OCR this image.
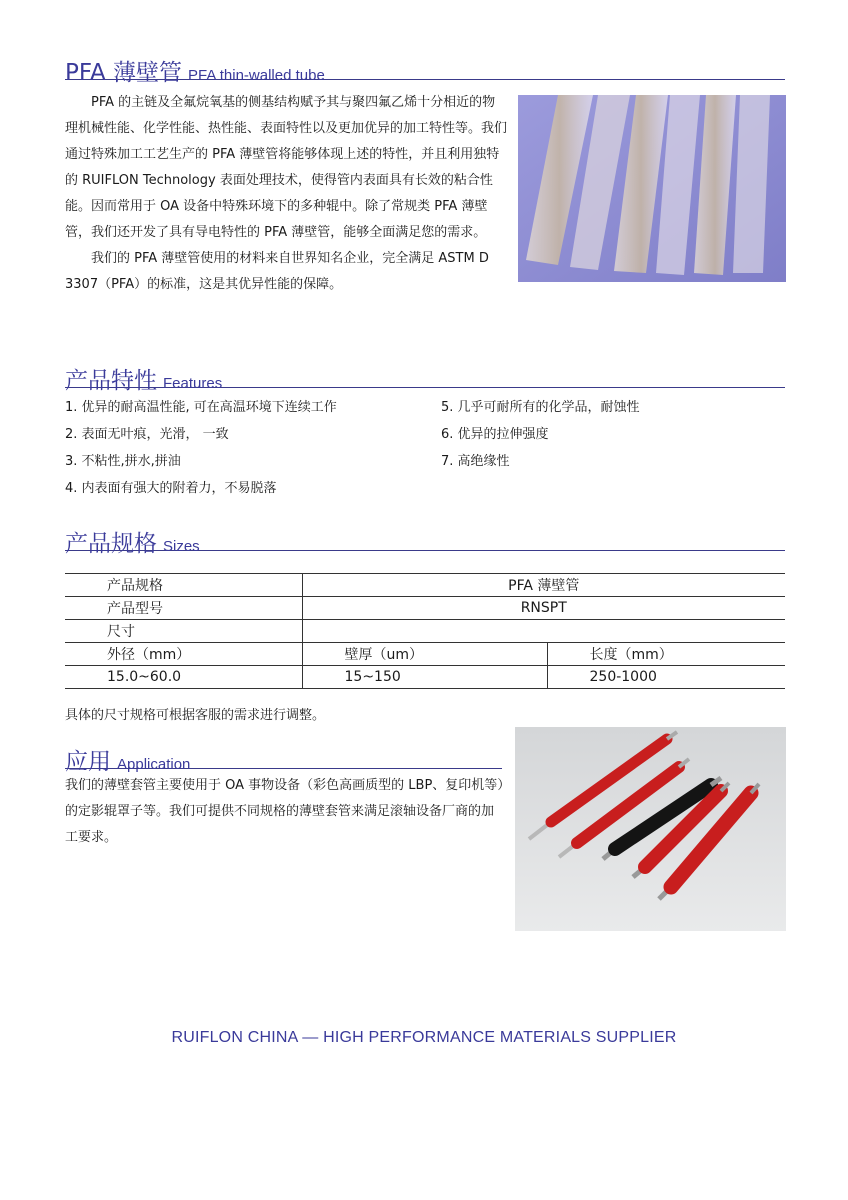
PFA 薄壁管 PFA thin-walled tube

PFA 的主链及全氟烷氧基的侧基结构赋予其与聚四氟乙烯十分相近的物理机械性能、化学性能、热性能、表面特性以及更加优异的加工特性等。我们通过特殊加工工艺生产的 PFA 薄壁管将能够体现上述的特性，并且利用独特的 RUIFLON Technology 表面处理技术，使得管内表面具有长效的粘合性能。因而常用于 OA 设备中特殊环境下的多种辊中。除了常规类 PFA 薄壁管，我们还开发了具有导电特性的 PFA 薄壁管，能够全面满足您的需求。

我们的 PFA 薄壁管使用的材料来自世界知名企业，完全满足 ASTM D 3307（PFA）的标准，这是其优异性能的保障。

产品特性 Features
1. 优异的耐高温性能, 可在高温环境下连续工作
2. 表面无叶痕，光滑， 一致
3. 不粘性,拼水,拼油
4. 内表面有强大的附着力，不易脱落
5. 几乎可耐所有的化学品，耐蚀性
6. 优异的拉伸强度
7. 高绝缘性
产品规格 Sizes
产品规格	PFA 薄壁管	
产品型号	RNSPT	
尺寸		
外径（mm）	壁厚（um）	长度（mm）
15.0~60.0	15~150	250-1000
具体的尺寸规格可根据客服的需求进行调整。
应用 Application
我们的薄壁套管主要使用于 OA 事物设备（彩色高画质型的 LBP、复印机等）的定影辊罩子等。我们可提供不同规格的薄壁套管来满足滚轴设备厂商的加工要求。
RUIFLON CHINA — HIGH PERFORMANCE MATERIALS SUPPLIER
